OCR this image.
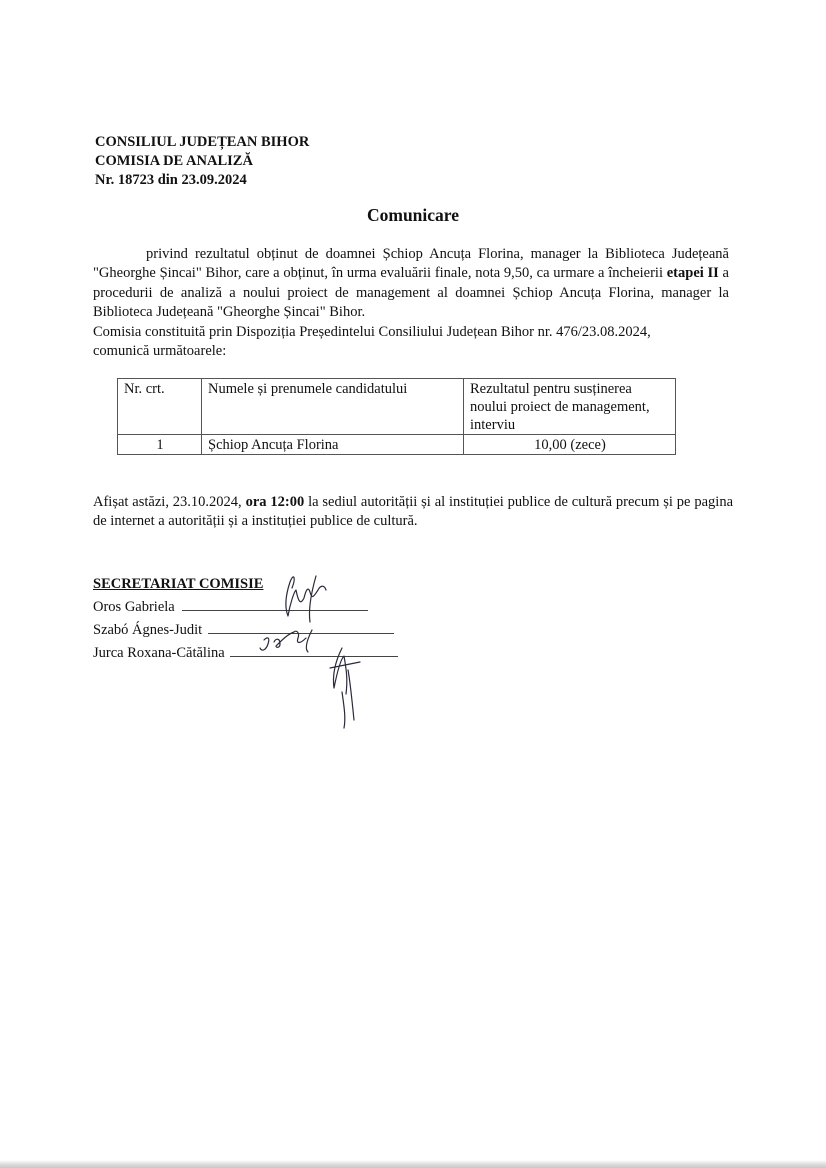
CONSILIUL JUDEȚEAN BIHOR
COMISIA DE ANALIZĂ
Nr. 18723 din 23.09.2024
Comunicare

privind rezultatul obținut de doamnei Șchiop Ancuța Florina, manager la Biblioteca Județeană "Gheorghe Șincai" Bihor, care a obținut, în urma evaluării finale, nota 9,50, ca urmare a încheierii etapei II a procedurii de analiză a noului proiect de management al doamnei Șchiop Ancuța Florina, manager la Biblioteca Județeană "Gheorghe Șincai" Bihor.

Comisia constituită prin Dispoziția Președintelui Consiliului Județean Bihor nr. 476/23.08.2024,

comunică următoarele:

Nr. crt.	Numele și prenumele candidatului	Rezultatul pentru susținerea noului proiect de management, interviu
1	Șchiop Ancuța Florina	10,00 (zece)

Afișat astăzi, 23.10.2024, ora 12:00 la sediul autorității și al instituției publice de cultură precum și pe pagina de internet a autorității și a instituției publice de cultură.

SECRETARIAT COMISIE
Oros Gabriela
Szabó Ágnes-Judit
Jurca Roxana-Cătălina
